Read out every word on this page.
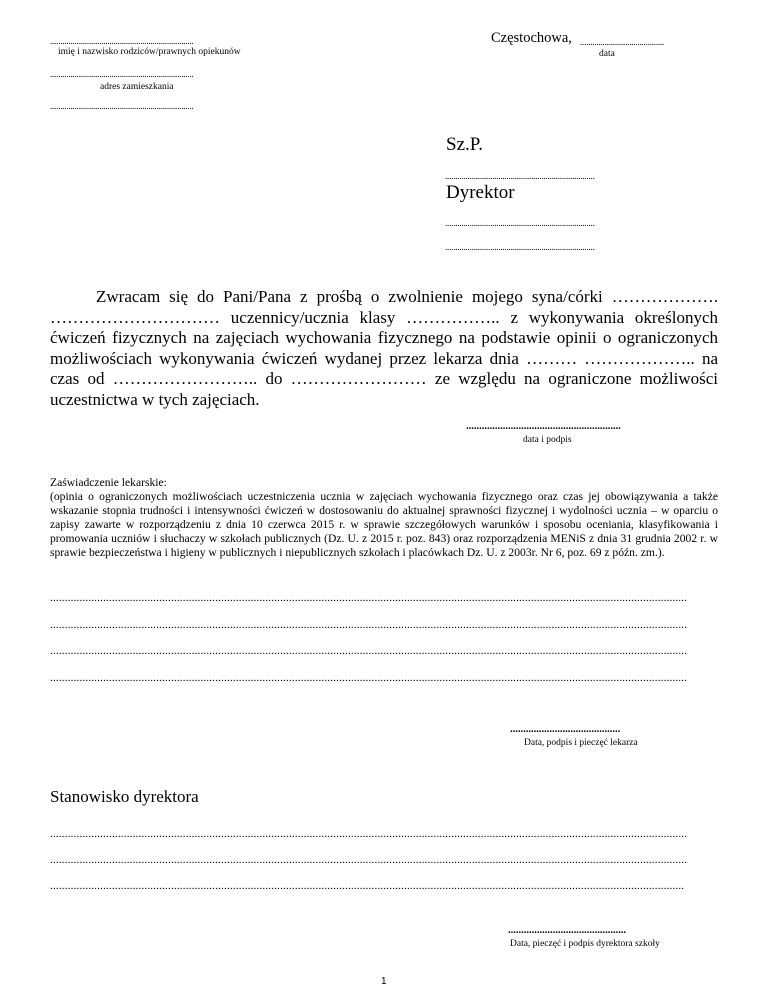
......................................................................
imię i nazwisko rodziców/prawnych opiekunów
......................................................................
adres zamieszkania
......................................................................
Częstochowa, .........................................
data
Sz.P.
.........................................................................
Dyrektor
.........................................................................
.........................................................................
Zwracam się do Pani/Pana z prośbą o zwolnienie mojego syna/córki ………………. ………………………… uczennicy/ucznia klasy …………….. z wykonywania określonych ćwiczeń fizycznych na zajęciach wychowania fizycznego na podstawie opinii o ograniczonych możliwościach wykonywania ćwiczeń wydanej przez lekarza dnia ……… ……………….. na czas od …………………….. do …………………… ze względu na ograniczone możliwości uczestnictwa w tych zajęciach.
...........................................................
data i podpis
Zaświadczenie lekarskie:
(opinia o ograniczonych możliwościach uczestniczenia ucznia w zajęciach wychowania fizycznego oraz czas jej obowiązywania a także wskazanie stopnia trudności i intensywności ćwiczeń w dostosowaniu do aktualnej sprawności fizycznej i wydolności ucznia – w oparciu o zapisy zawarte w rozporządzeniu z dnia 10 czerwca 2015 r. w sprawie szczegółowych warunków i sposobu oceniania, klasyfikowania i promowania uczniów i słuchaczy w szkołach publicznych (Dz. U. z 2015 r. poz. 843) oraz rozporządzenia MENiS z dnia 31 grudnia 2002 r. w sprawie bezpieczeństwa i higieny w publicznych i niepublicznych szkołach i placówkach Dz. U. z 2003r. Nr 6, poz. 69 z późn. zm.).
........................................................................................................................................................................................................................
........................................................................................................................................................................................................................
........................................................................................................................................................................................................................
........................................................................................................................................................................................................................
..........................................
Data, podpis i pieczęć lekarza
Stanowisko dyrektora
........................................................................................................................................................................................................................
........................................................................................................................................................................................................................
.......................................................................................................................................................................................................................
.............................................
Data, pieczęć i podpis dyrektora szkoły
1
